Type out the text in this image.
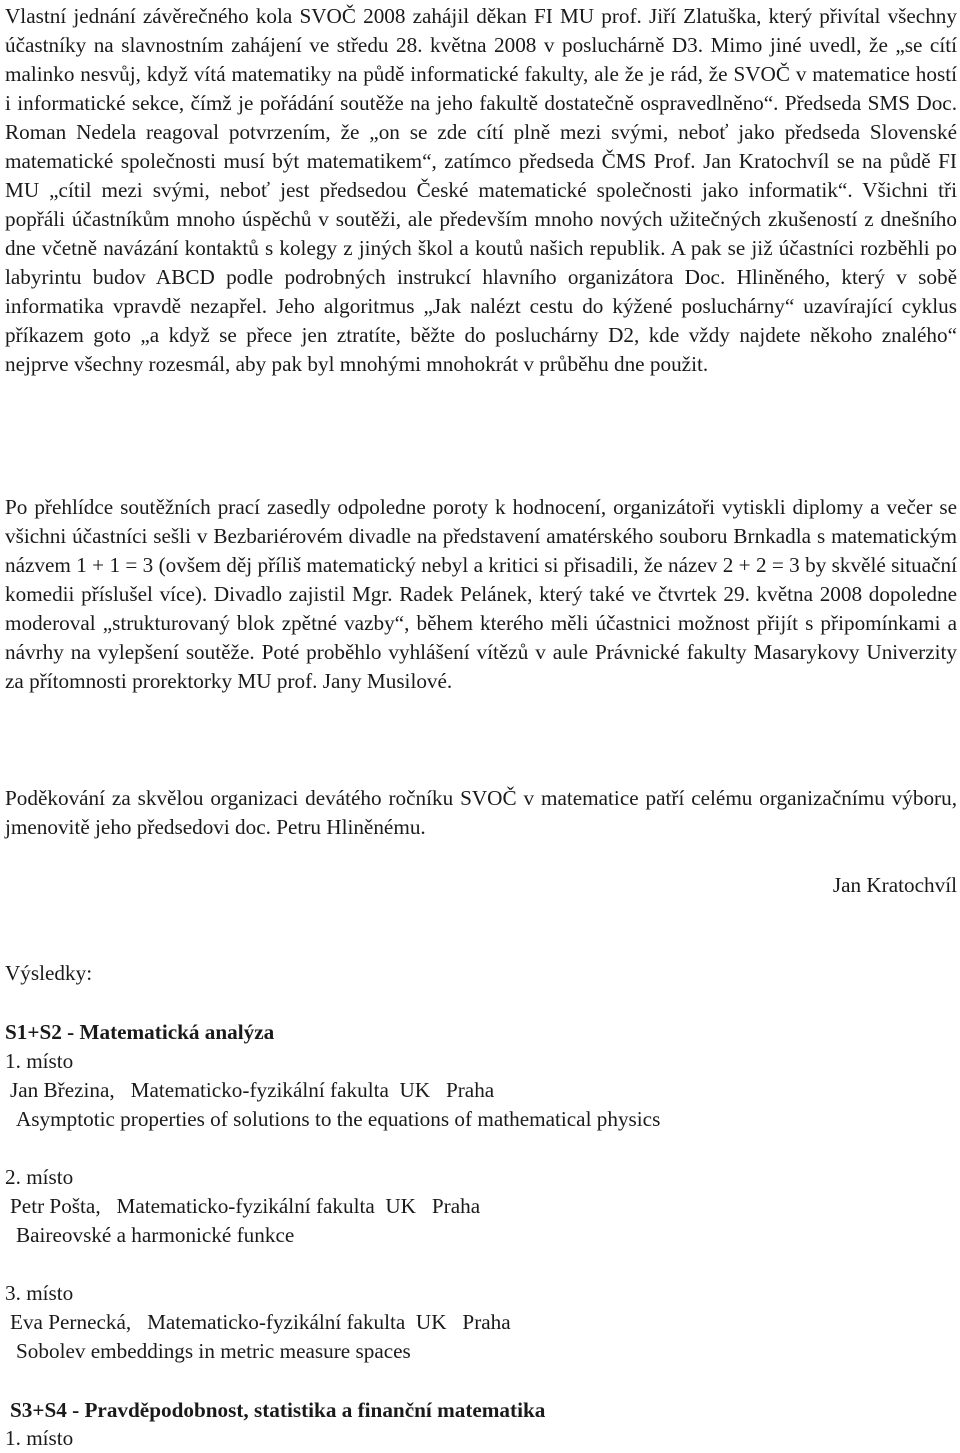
Vlastní jednání závěrečného kola SVOČ 2008 zahájil děkan FI MU prof. Jiří Zlatuška, který přivítal všechny účastníky na slavnostním zahájení ve středu 28. května 2008 v posluchárně D3. Mimo jiné uvedl, že „se cítí malinko nesvůj, když vítá matematiky na půdě informatické fakulty, ale že je rád, že SVOČ v matematice hostí i informatické sekce, čímž je pořádání soutěže na jeho fakultě dostatečně ospravedlněno“. Předseda SMS Doc. Roman Nedela reagoval potvrzením, že „on se zde cítí plně mezi svými, neboť jako předseda Slovenské matematické společnosti musí být matematikem“, zatímco předseda ČMS Prof. Jan Kratochvíl se na půdě FI MU „cítil mezi svými, neboť jest předsedou České matematické společnosti jako informatik“. Všichni tři popřáli účastníkům mnoho úspěchů v soutěži, ale především mnoho nových užitečných zkušeností z dnešního dne včetně navázání kontaktů s kolegy z jiných škol a koutů našich republik. A pak se již účastníci rozběhli po labyrintu budov ABCD podle podrobných instrukcí hlavního organizátora Doc. Hliněného, který v sobě informatika vpravdě nezapřel. Jeho algoritmus „Jak nalézt cestu do kýžené posluchárny“ uzavírající cyklus příkazem goto „a když se přece jen ztratíte, běžte do posluchárny D2, kde vždy najdete někoho znalého“ nejprve všechny rozesmál, aby pak byl mnohými mnohokrát v průběhu dne použit.

Po přehlídce soutěžních prací zasedly odpoledne poroty k hodnocení, organizátoři vytiskli diplomy a večer se všichni účastníci sešli v Bezbariérovém divadle na představení amatérského souboru Brnkadla s matematickým názvem 1 + 1 = 3 (ovšem děj příliš matematický nebyl a kritici si přisadili, že název 2 + 2 = 3 by skvělé situační komedii příslušel více). Divadlo zajistil Mgr. Radek Pelánek, který také ve čtvrtek 29. května 2008 dopoledne moderoval „strukturovaný blok zpětné vazby“, během kterého měli účastnici možnost přijít s připomínkami a návrhy na vylepšení soutěže. Poté proběhlo vyhlášení vítězů v aule Právnické fakulty Masarykovy Univerzity za přítomnosti prorektorky MU prof. Jany Musilové.

Poděkování za skvělou organizaci devátého ročníku SVOČ v matematice patří celému organizačnímu výboru, jmenovitě jeho předsedovi doc. Petru Hliněnému.

Jan Kratochvíl
Výsledky:
S1+S2 - Matematická analýza
1. místo
Jan Březina,   Matematicko-fyzikální fakulta  UK   Praha
Asymptotic properties of solutions to the equations of mathematical physics
2. místo
Petr Pošta,   Matematicko-fyzikální fakulta  UK   Praha
Baireovské a harmonické funkce
3. místo
Eva Pernecká,   Matematicko-fyzikální fakulta  UK   Praha
Sobolev embeddings in metric measure spaces
S3+S4 - Pravděpodobnost, statistika a finanční matematika
1. místo
